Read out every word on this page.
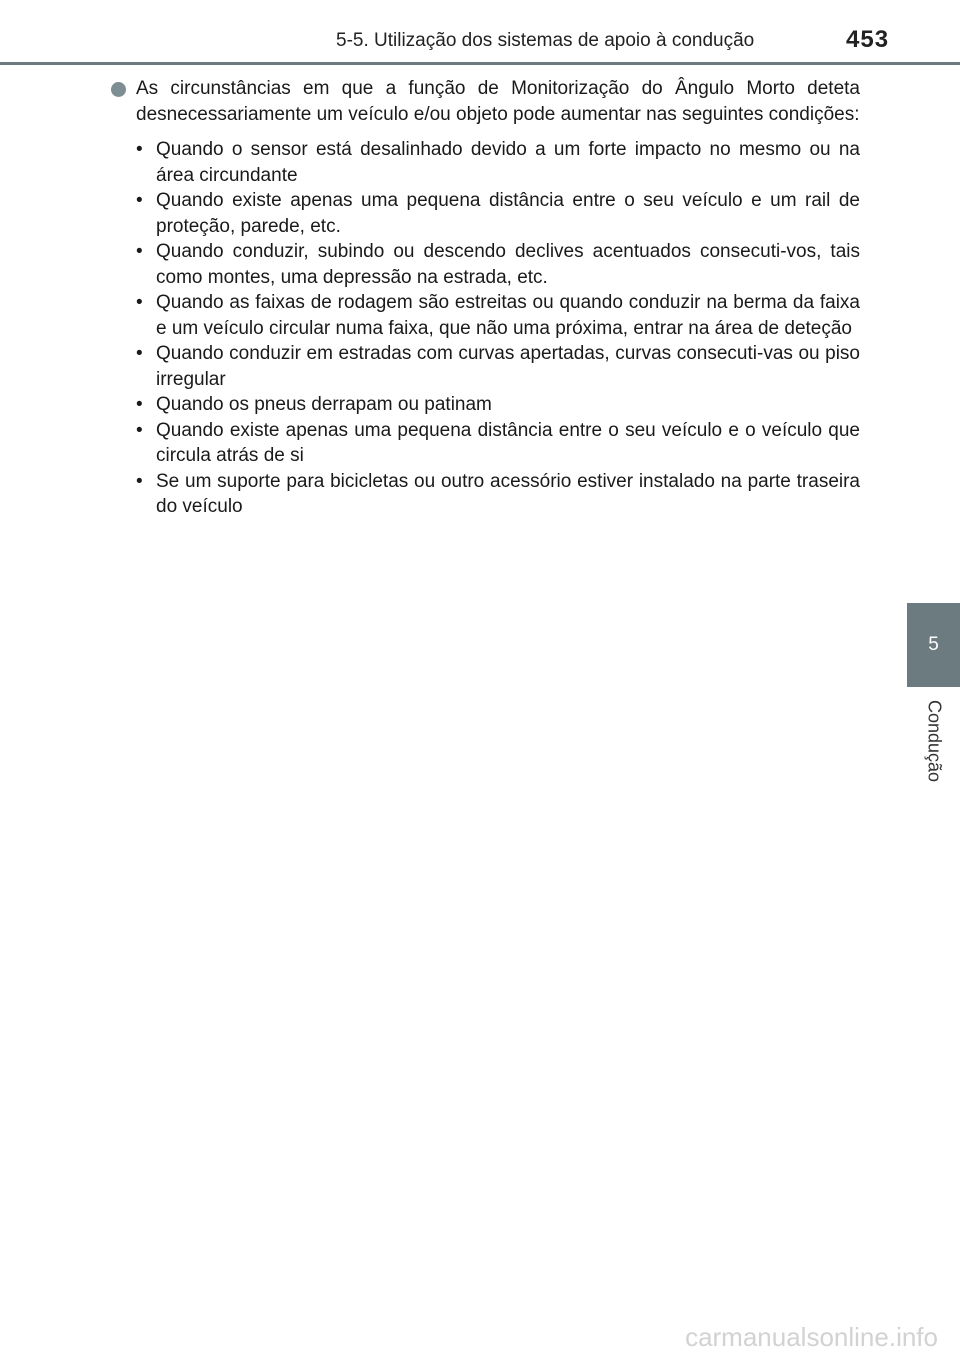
5-5. Utilização dos sistemas de apoio à condução	453
5
Condução
As circunstâncias em que a função de Monitorização do Ângulo Morto deteta desnecessariamente um veículo e/ou objeto pode aumentar nas seguintes condições:
• Quando o sensor está desalinhado devido a um forte impacto no mesmo ou na área circundante
• Quando existe apenas uma pequena distância entre o seu veículo e um rail de proteção, parede, etc.
• Quando conduzir, subindo ou descendo declives acentuados consecuti-vos, tais como montes, uma depressão na estrada, etc.
• Quando as faixas de rodagem são estreitas ou quando conduzir na berma da faixa e um veículo circular numa faixa, que não uma próxima, entrar na área de deteção
• Quando conduzir em estradas com curvas apertadas, curvas consecuti-vas ou piso irregular
• Quando os pneus derrapam ou patinam
• Quando existe apenas uma pequena distância entre o seu veículo e o veículo que circula atrás de si
• Se um suporte para bicicletas ou outro acessório estiver instalado na parte traseira do veículo
carmanualsonline.info
